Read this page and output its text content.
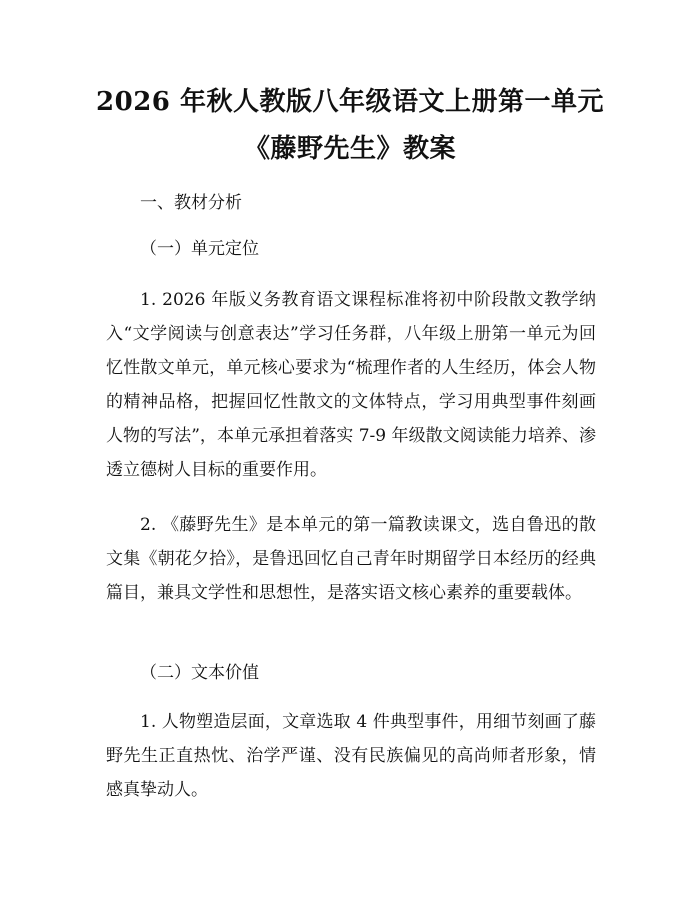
2026 年秋人教版八年级语文上册第一单元
《藤野先生》教案

一、教材分析

（一）单元定位

1. 2026 年版义务教育语文课程标准将初中阶段散文教学纳入“文学阅读与创意表达”学习任务群，八年级上册第一单元为回忆性散文单元，单元核心要求为“梳理作者的人生经历，体会人物的精神品格，把握回忆性散文的文体特点，学习用典型事件刻画人物的写法”，本单元承担着落实 7-9 年级散文阅读能力培养、渗透立德树人目标的重要作用。

2. 《藤野先生》是本单元的第一篇教读课文，选自鲁迅的散文集《朝花夕拾》，是鲁迅回忆自己青年时期留学日本经历的经典篇目，兼具文学性和思想性，是落实语文核心素养的重要载体。

（二）文本价值

1. 人物塑造层面，文章选取 4 件典型事件，用细节刻画了藤野先生正直热忱、治学严谨、没有民族偏见的高尚师者形象，情感真挚动人。
